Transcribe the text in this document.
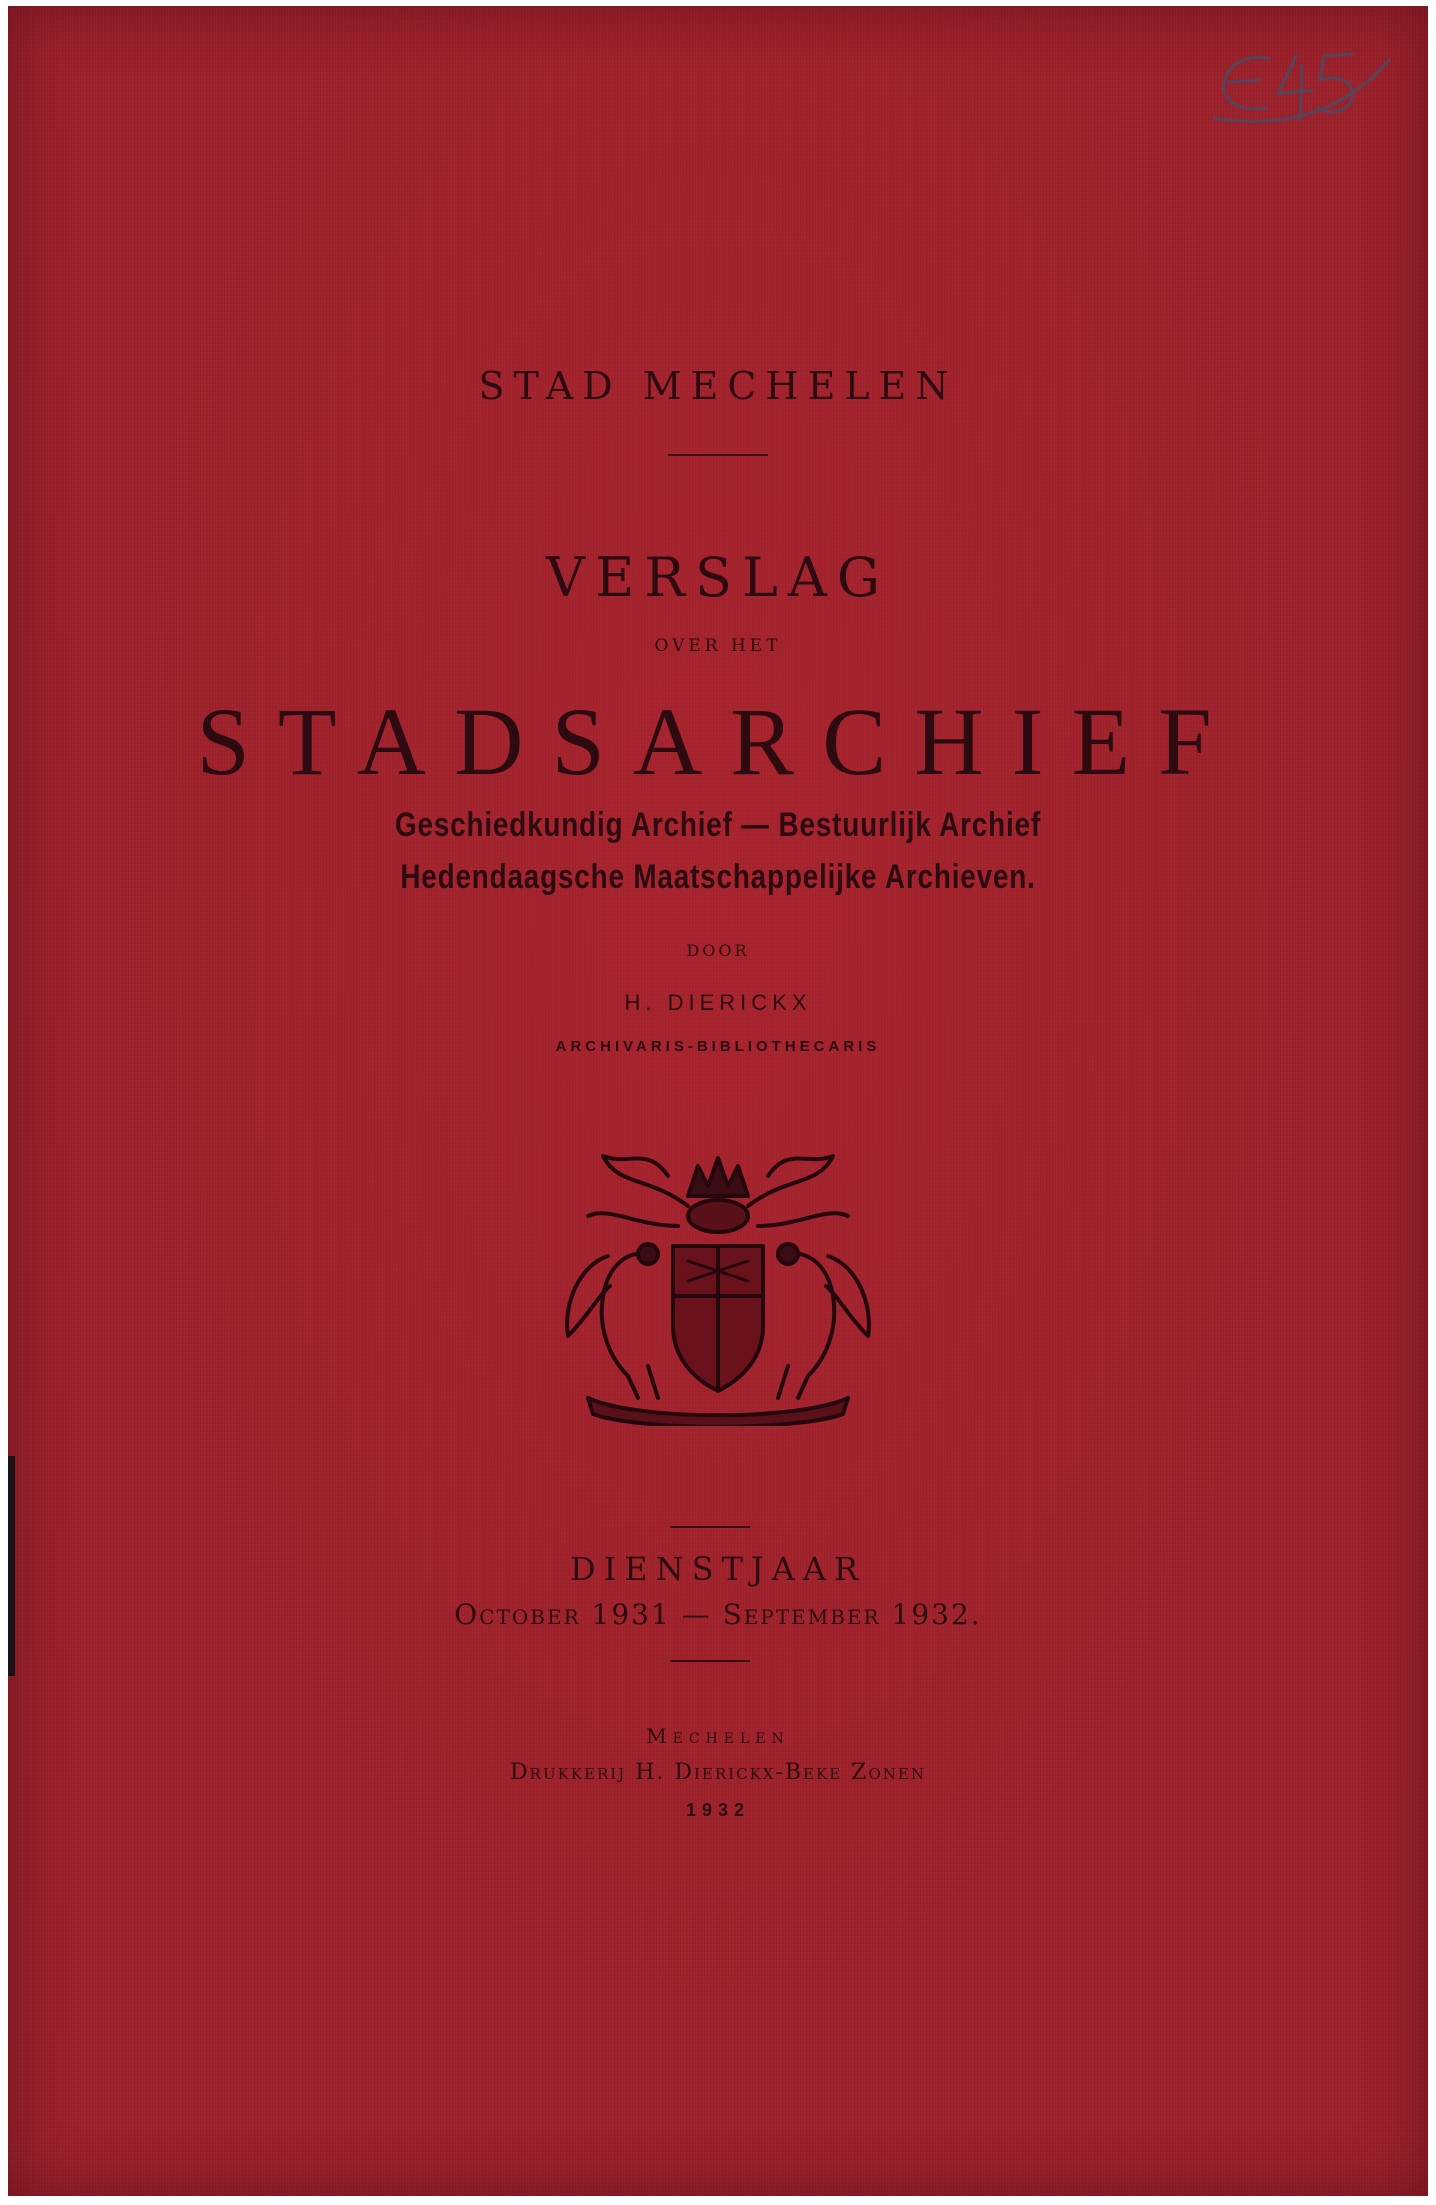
STAD MECHELEN
VERSLAG
OVER HET
STADSARCHIEF
Geschiedkundig Archief — Bestuurlijk Archief
Hedendaagsche Maatschappelijke Archieven.
DOOR
H. DIERICKX
ARCHIVARIS-BIBLIOTHECARIS
DIENSTJAAR
October 1931 — September 1932.
Mechelen
Drukkerij H. Dierickx-Beke Zonen
1932
